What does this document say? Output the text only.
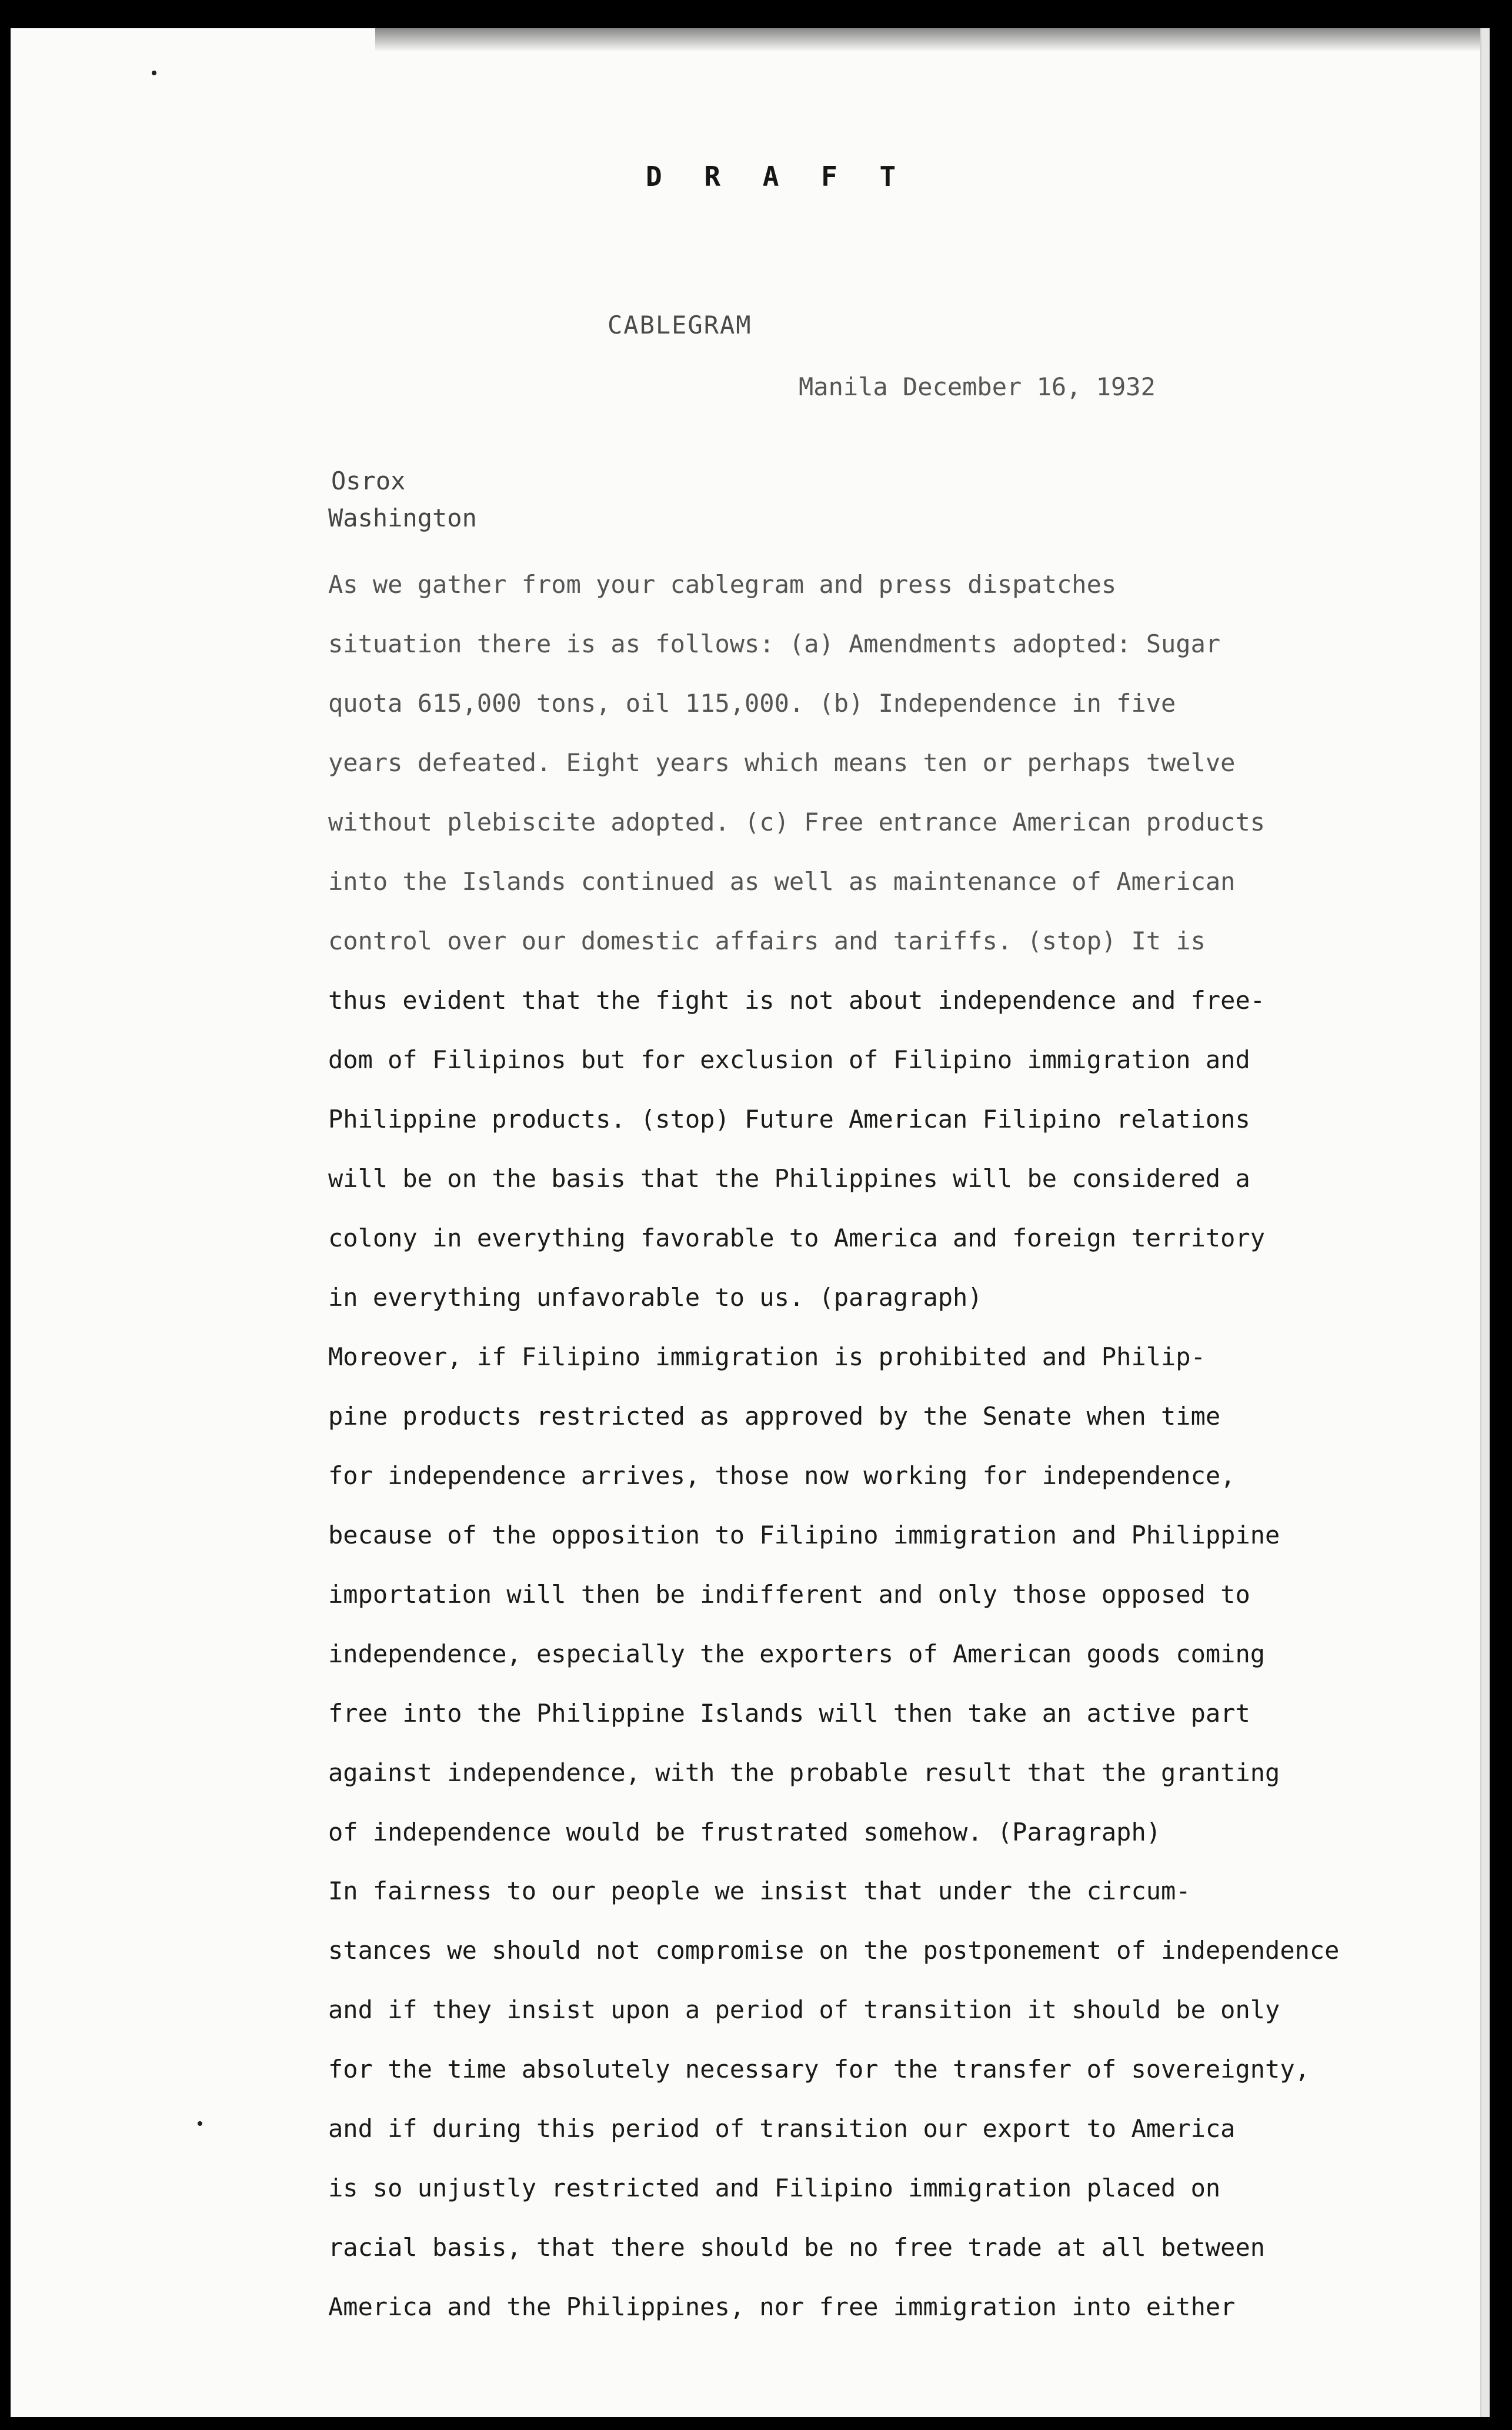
D R A F T
CABLEGRAM
Manila December 16, 1932
Osrox
Washington

As we gather from your cablegram and press dispatches
situation there is as follows: (a) Amendments adopted: Sugar
quota 615,000 tons, oil 115,000. (b) Independence in five
years defeated. Eight years which means ten or perhaps twelve
without plebiscite adopted. (c) Free entrance American products
into the Islands continued as well as maintenance of American
control over our domestic affairs and tariffs. (stop) It is

thus evident that the fight is not about independence and free-
dom of Filipinos but for exclusion of Filipino immigration and
Philippine products. (stop) Future American Filipino relations
will be on the basis that the Philippines will be considered a
colony in everything favorable to America and foreign territory
in everything unfavorable to us. (paragraph)

Moreover, if Filipino immigration is prohibited and Philip-
pine products restricted as approved by the Senate when time
for independence arrives, those now working for independence,
because of the opposition to Filipino immigration and Philippine
importation will then be indifferent and only those opposed to
independence, especially the exporters of American goods coming
free into the Philippine Islands will then take an active part
against independence, with the probable result that the granting
of independence would be frustrated somehow. (Paragraph)

In fairness to our people we insist that under the circum-
stances we should not compromise on the postponement of independence
and if they insist upon a period of transition it should be only
for the time absolutely necessary for the transfer of sovereignty,
and if during this period of transition our export to America
is so unjustly restricted and Filipino immigration placed on
racial basis, that there should be no free trade at all between
America and the Philippines, nor free immigration into either
